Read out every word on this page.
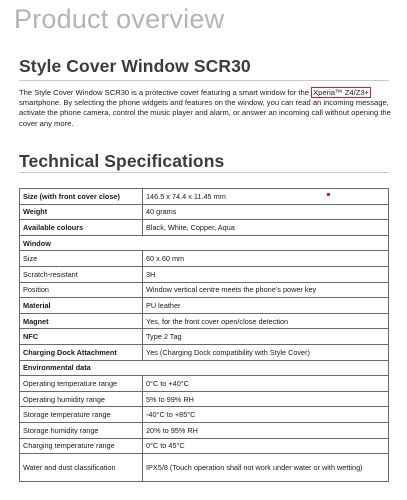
Product overview
Style Cover Window SCR30

The Style Cover Window SCR30 is a protective cover featuring a smart window for the Xperia™ Z4/Z3+ smartphone. By selecting the phone widgets and features on the window, you can read an incoming message, activate the phone camera, control the music player and alarm, or answer an incoming call without opening the cover any more.

Technical Specifications
Size (with front cover close)	146.5 x 74.4 x 11.45 mm
Weight	40 grams
Available colours	Black, White, Copper, Aqua
Window	
Size	60 x 60 mm
Scratch-resistant	3H
Position	Window vertical centre meets the phone’s power key
Material	PU leather
Magnet	Yes, for the front cover open/close detection
NFC	Type 2 Tag
Charging Dock Attachment	Yes (Charging Dock compatibility with Style Cover)
Environmental data	
Operating temperature range	0°C to +40°C
Operating humidity range	5% to 99% RH
Storage temperature range	-40°C to +85°C
Storage humidity range	20% to 95% RH
Charging temperature range	0°C to 45°C
Water and dust classification	IPX5/8 (Touch operation shall not work under water or with wetting)
